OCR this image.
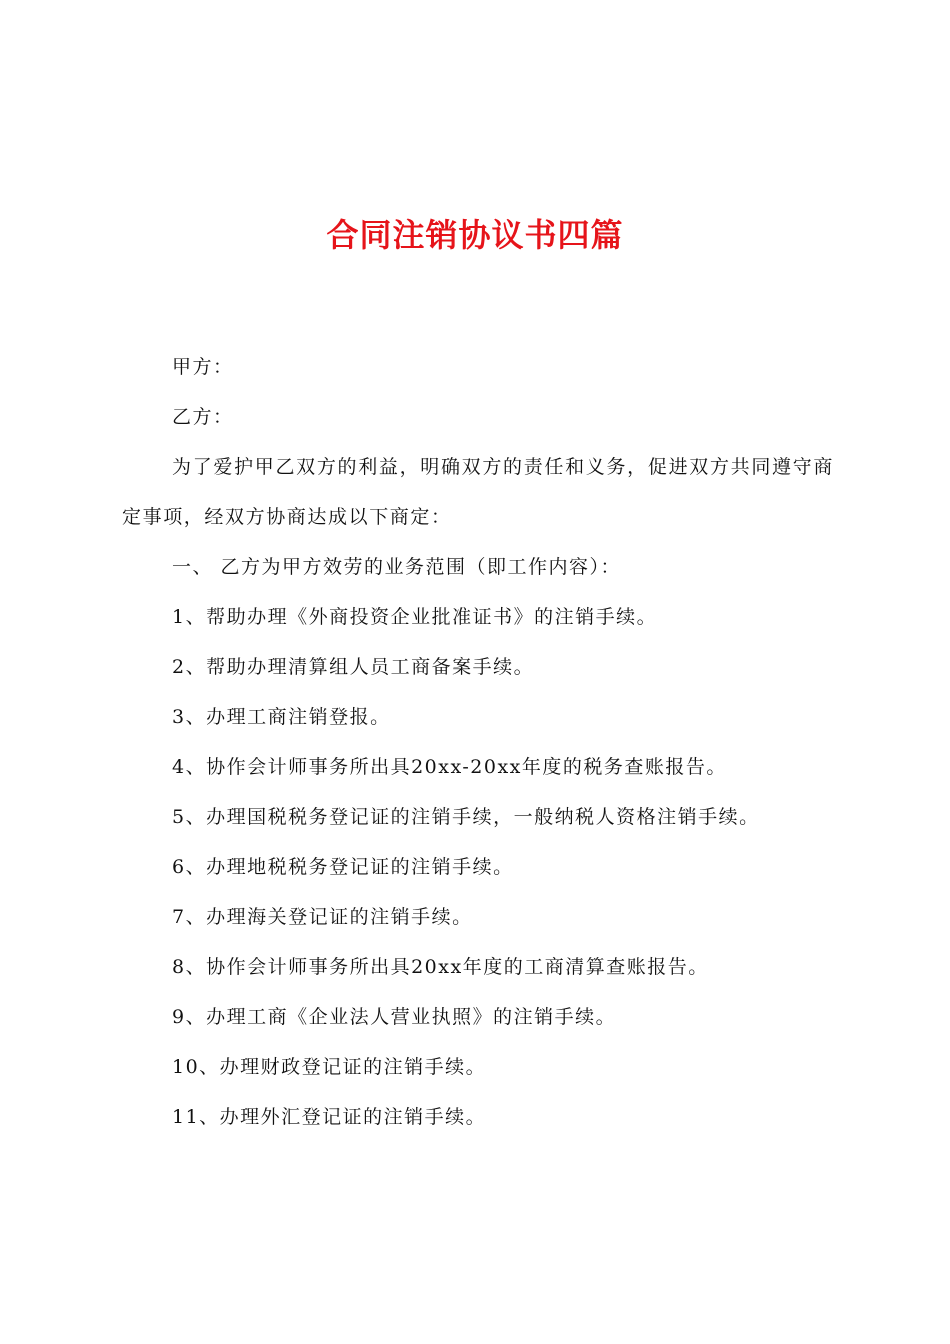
合同注销协议书四篇

甲方：

乙方：

为了爱护甲乙双方的利益，明确双方的责任和义务，促进双方共同遵守商定事项，经双方协商达成以下商定：

一、 乙方为甲方效劳的业务范围（即工作内容）：

1、帮助办理《外商投资企业批准证书》的注销手续。

2、帮助办理清算组人员工商备案手续。

3、办理工商注销登报。

4、协作会计师事务所出具20xx-20xx年度的税务查账报告。

5、办理国税税务登记证的注销手续，一般纳税人资格注销手续。

6、办理地税税务登记证的注销手续。

7、办理海关登记证的注销手续。

8、协作会计师事务所出具20xx年度的工商清算查账报告。

9、办理工商《企业法人营业执照》的注销手续。

10、办理财政登记证的注销手续。

11、办理外汇登记证的注销手续。
